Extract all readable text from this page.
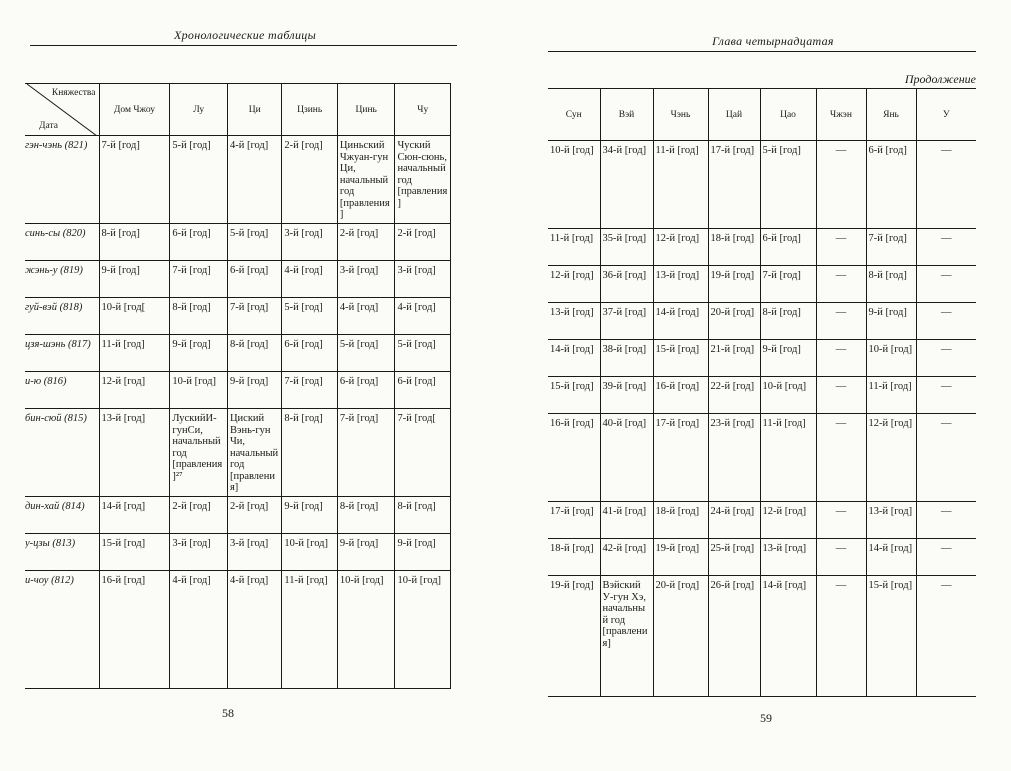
Хронологические таблицы
Княжества
Дата	Дом Чжоу	Лу	Ци	Цзинь	Цинь	Чу
гэн-чэнь (821)	7-й [год]	5-й [год]	4-й [год]	2-й [год]	Циньский Чжуан-гун Ци, начальный год [правления]	Чуский Сюн-сюнь, начальный год [правления]
синь-сы (820)	8-й [год]	6-й [год]	5-й [год]	3-й [год]	2-й [год]	2-й [год]
жэнь-у (819)	9-й [год]	7-й [год]	6-й [год]	4-й [год]	3-й [год]	3-й [год]
гуй-вэй (818)	10-й [год[	8-й [год]	7-й [год]	5-й [год]	4-й [год]	4-й [год]
цзя-шэнь (817)	11-й [год]	9-й [год]	8-й [год]	6-й [год]	5-й [год]	5-й [год]
и-ю (816)	12-й [год]	10-й [год]	9-й [год]	7-й [год]	6-й [год]	6-й [год]
бин-сюй (815)	13-й [год]	ЛускийИ-гунСи, начальный год [правления]²⁷	Циский Вэнь-гун Чи, начальный год [правления]	8-й [год]	7-й [год]	7-й [год[
дин-хай (814)	14-й [год]	2-й [год]	2-й [год]	9-й [год]	8-й [год]	8-й [год]
у-цзы (813)	15-й [год]	3-й [год]	3-й [год]	10-й [год]	9-й [год]	9-й [год]
и-чоу (812)	16-й [год]	4-й [год]	4-й [год]	11-й [год]	10-й [год]	10-й [год]
58
Глава четырнадцатая
Продолжение
Сун	Вэй	Чэнь	Цай	Цао	Чжэн	Янь	У
10-й [год]	34-й [год]	11-й [год]	17-й [год]	5-й [год]	—	6-й [год]	—
11-й [год]	35-й [год]	12-й [год]	18-й [год]	6-й [год]	—	7-й [год]	—
12-й [год]	36-й [год]	13-й [год]	19-й [год]	7-й [год]	—	8-й [год]	—
13-й [год]	37-й [год]	14-й [год]	20-й [год]	8-й [год]	—	9-й [год]	—
14-й [год]	38-й [год]	15-й [год]	21-й [год]	9-й [год]	—	10-й [год]	—
15-й [год]	39-й [год]	16-й [год]	22-й [год]	10-й [год]	—	11-й [год]	—
16-й [год]	40-й [год]	17-й [год]	23-й [год]	11-й [год]	—	12-й [год]	—
17-й [год]	41-й [год]	18-й [год]	24-й [год]	12-й [год]	—	13-й [год]	—
18-й [год]	42-й [год]	19-й [год]	25-й [год]	13-й [год]	—	14-й [год]	—
19-й [год]	Вэйский У-гун Хэ, начальный год [правления]	20-й [год]	26-й [год]	14-й [год]	—	15-й [год]	—
59
